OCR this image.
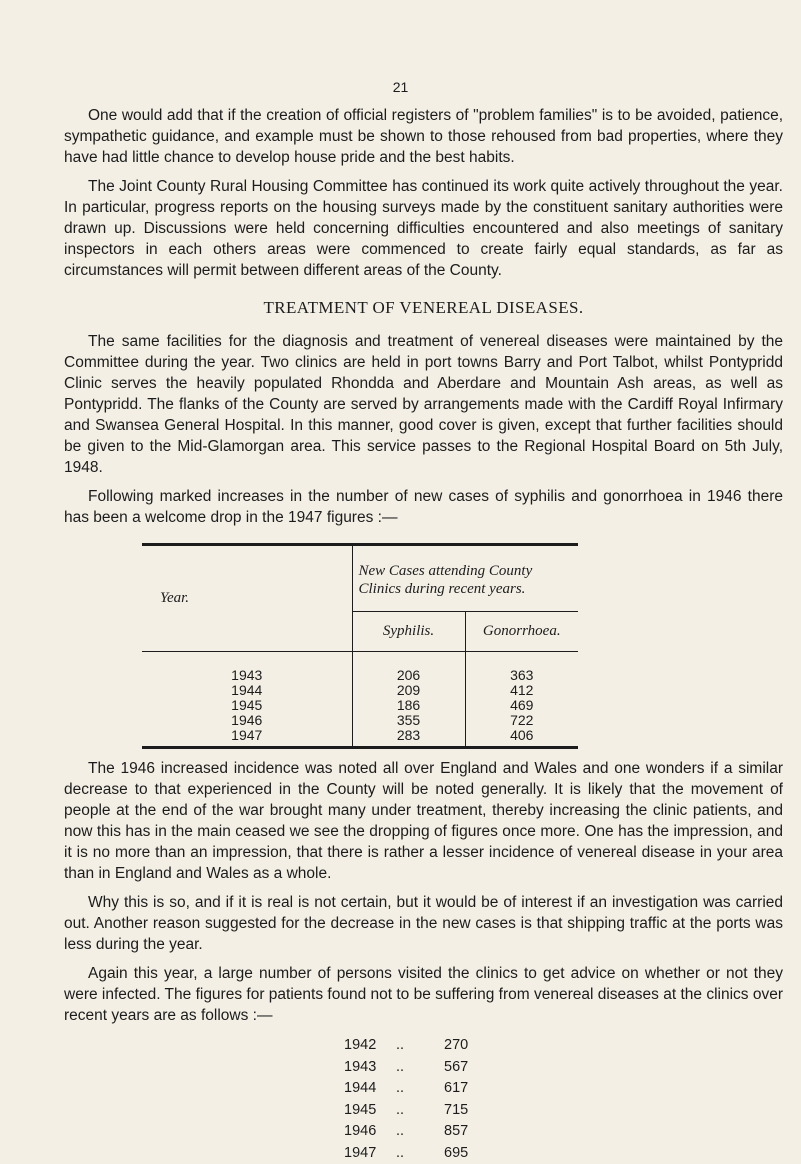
21

One would add that if the creation of official registers of "problem families" is to be avoided, patience, sympathetic guidance, and example must be shown to those rehoused from bad properties, where they have had little chance to develop house pride and the best habits.

The Joint County Rural Housing Committee has continued its work quite actively throughout the year. In particular, progress reports on the housing surveys made by the constituent sanitary authorities were drawn up. Discussions were held concerning difficulties encountered and also meetings of sanitary inspectors in each others areas were commenced to create fairly equal standards, as far as circumstances will permit between different areas of the County.

TREATMENT OF VENEREAL DISEASES.

The same facilities for the diagnosis and treatment of venereal diseases were maintained by the Committee during the year. Two clinics are held in port towns Barry and Port Talbot, whilst Pontypridd Clinic serves the heavily populated Rhondda and Aberdare and Mountain Ash areas, as well as Pontypridd. The flanks of the County are served by arrangements made with the Cardiff Royal Infirmary and Swansea General Hospital. In this manner, good cover is given, except that further facilities should be given to the Mid-Glamorgan area. This service passes to the Regional Hospital Board on 5th July, 1948.

Following marked increases in the number of new cases of syphilis and gonorrhoea in 1946 there has been a welcome drop in the 1947 figures :—

Year.	New Cases attending County Clinics during recent years.	
	Syphilis.	Gonorrhoea.
1943	206	363
1944	209	412
1945	186	469
1946	355	722
1947	283	406

The 1946 increased incidence was noted all over England and Wales and one wonders if a similar decrease to that experienced in the County will be noted generally. It is likely that the movement of people at the end of the war brought many under treatment, thereby increasing the clinic patients, and now this has in the main ceased we see the dropping of figures once more. One has the impression, and it is no more than an impression, that there is rather a lesser incidence of venereal disease in your area than in England and Wales as a whole.

Why this is so, and if it is real is not certain, but it would be of interest if an investigation was carried out. Another reason suggested for the decrease in the new cases is that shipping traffic at the ports was less during the year.

Again this year, a large number of persons visited the clinics to get advice on whether or not they were infected. The figures for patients found not to be suffering from venereal diseases at the clinics over recent years are as follows :—

1942	..	270
1943	..	567
1944	..	617
1945	..	715
1946	..	857
1947	..	695
